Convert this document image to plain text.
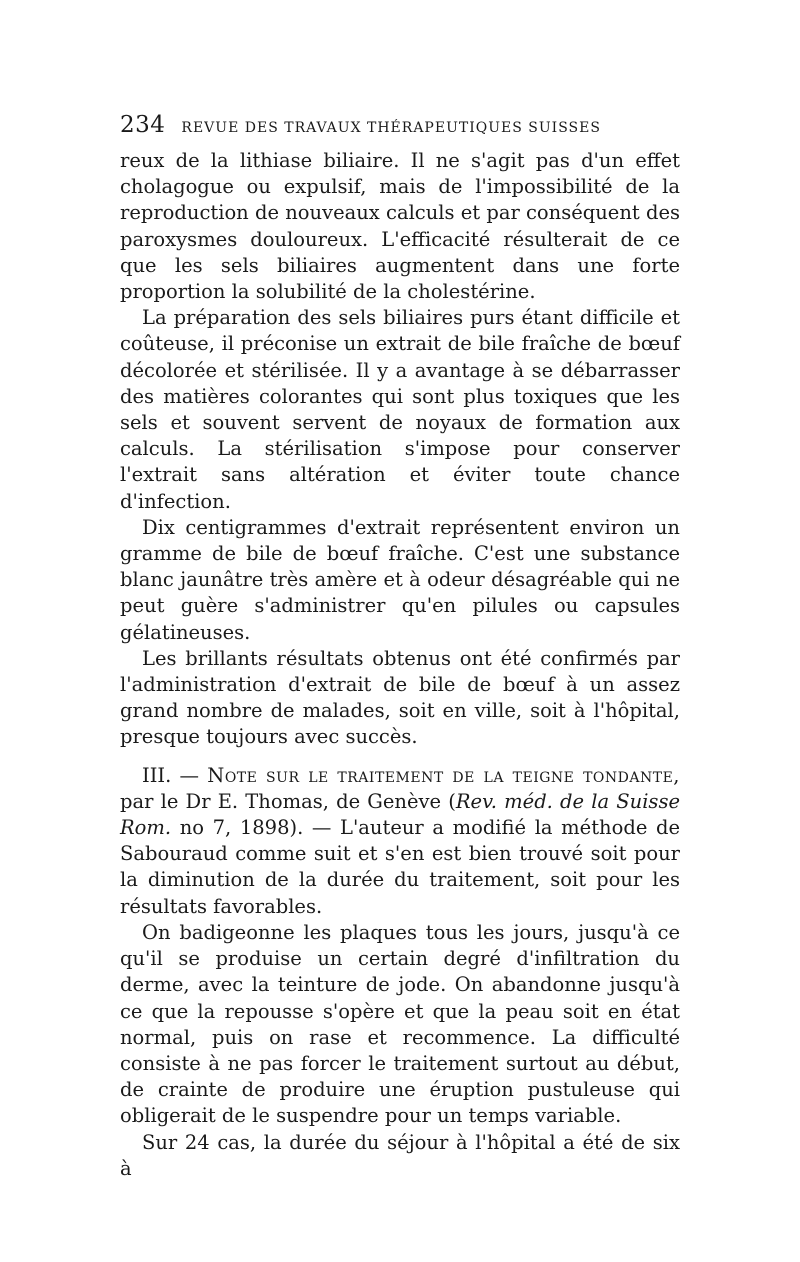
234 REVUE DES TRAVAUX THÉRAPEUTIQUES SUISSES

reux de la lithiase biliaire. Il ne s'agit pas d'un effet cholagogue ou expulsif, mais de l'impossibilité de la reproduction de nouveaux calculs et par conséquent des paroxysmes douloureux. L'efficacité résulterait de ce que les sels biliaires augmentent dans une forte proportion la solubilité de la cholestérine.

La préparation des sels biliaires purs étant difficile et coûteuse, il préconise un extrait de bile fraîche de bœuf décolorée et stérilisée. Il y a avantage à se débarrasser des matières colorantes qui sont plus toxiques que les sels et souvent servent de noyaux de formation aux calculs. La stérilisation s'impose pour conserver l'extrait sans altération et éviter toute chance d'infection.

Dix centigrammes d'extrait représentent environ un gramme de bile de bœuf fraîche. C'est une substance blanc jaunâtre très amère et à odeur désagréable qui ne peut guère s'administrer qu'en pilules ou capsules gélatineuses.

Les brillants résultats obtenus ont été confirmés par l'administration d'extrait de bile de bœuf à un assez grand nombre de malades, soit en ville, soit à l'hôpital, presque toujours avec succès.

III. — Note sur le traitement de la teigne tondante, par le Dr E. Thomas, de Genève (Rev. méd. de la Suisse Rom. no 7, 1898). — L'auteur a modifié la méthode de Sabouraud comme suit et s'en est bien trouvé soit pour la diminution de la durée du traitement, soit pour les résultats favorables.

On badigeonne les plaques tous les jours, jusqu'à ce qu'il se produise un certain degré d'infiltration du derme, avec la teinture de jode. On abandonne jusqu'à ce que la repousse s'opère et que la peau soit en état normal, puis on rase et recommence. La difficulté consiste à ne pas forcer le traitement surtout au début, de crainte de produire une éruption pustuleuse qui obligerait de le suspendre pour un temps variable.

Sur 24 cas, la durée du séjour à l'hôpital a été de six à
